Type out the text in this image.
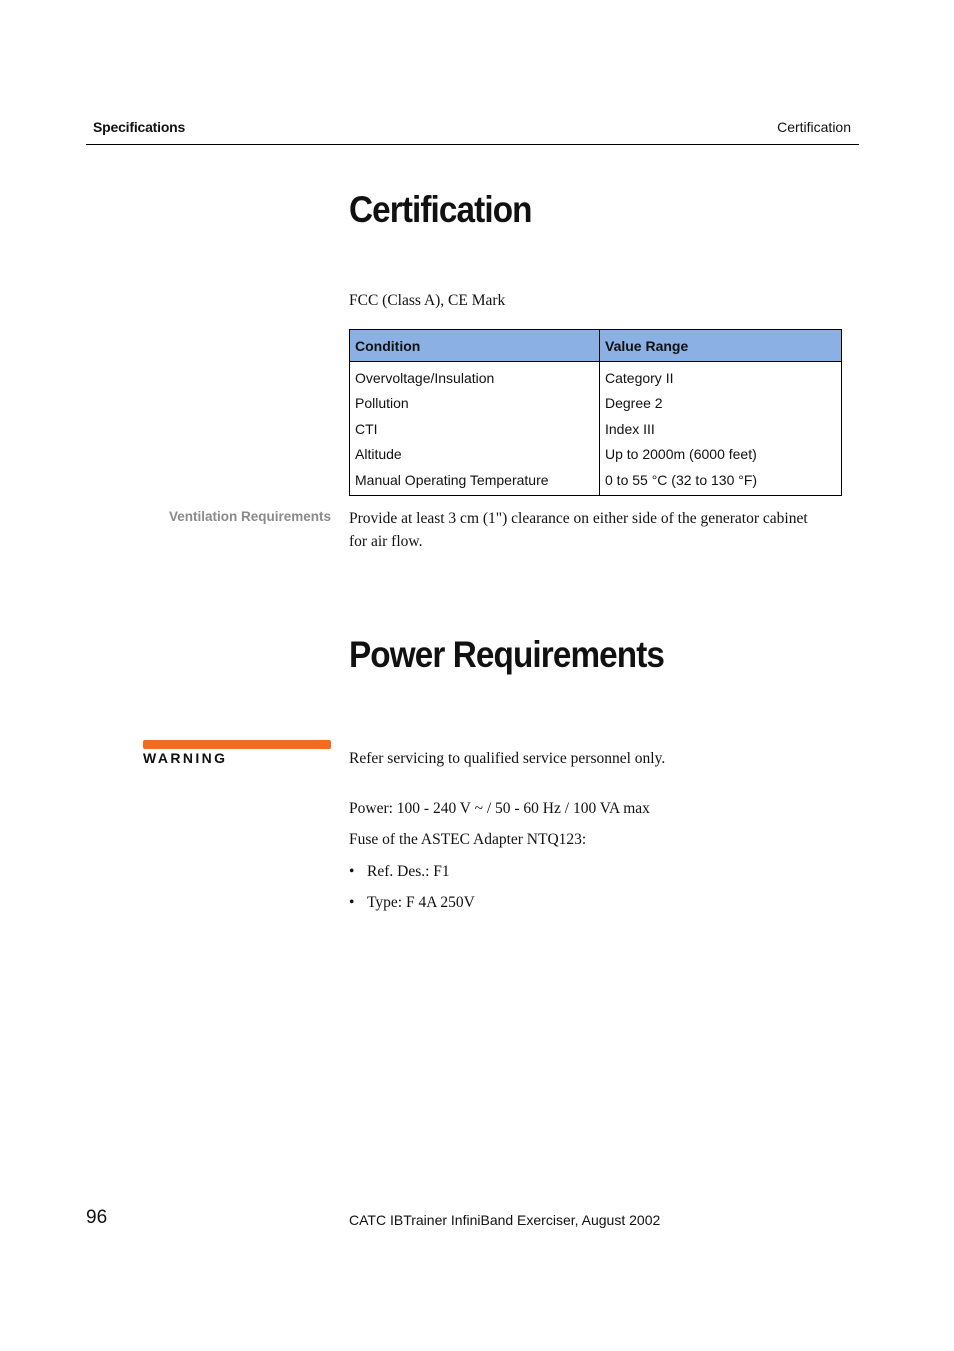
Specifications	Certification
Certification
FCC (Class A), CE Mark
Condition	Value Range
Overvoltage/Insulation	Category II
Pollution	Degree 2
CTI	Index III
Altitude	Up to 2000m (6000 feet)
Manual Operating Temperature	0 to 55 °C (32 to 130 °F)
Ventilation Requirements Provide at least 3 cm (1") clearance on either side of the generator cabinet for air flow.
Power Requirements
WARNING	Refer servicing to qualified service personnel only.
Power: 100 - 240 V ~ / 50 - 60 Hz / 100 VA max
Fuse of the ASTEC Adapter NTQ123:
• Ref. Des.: F1
• Type: F 4A 250V
96	CATC IBTrainer InfiniBand Exerciser, August 2002
